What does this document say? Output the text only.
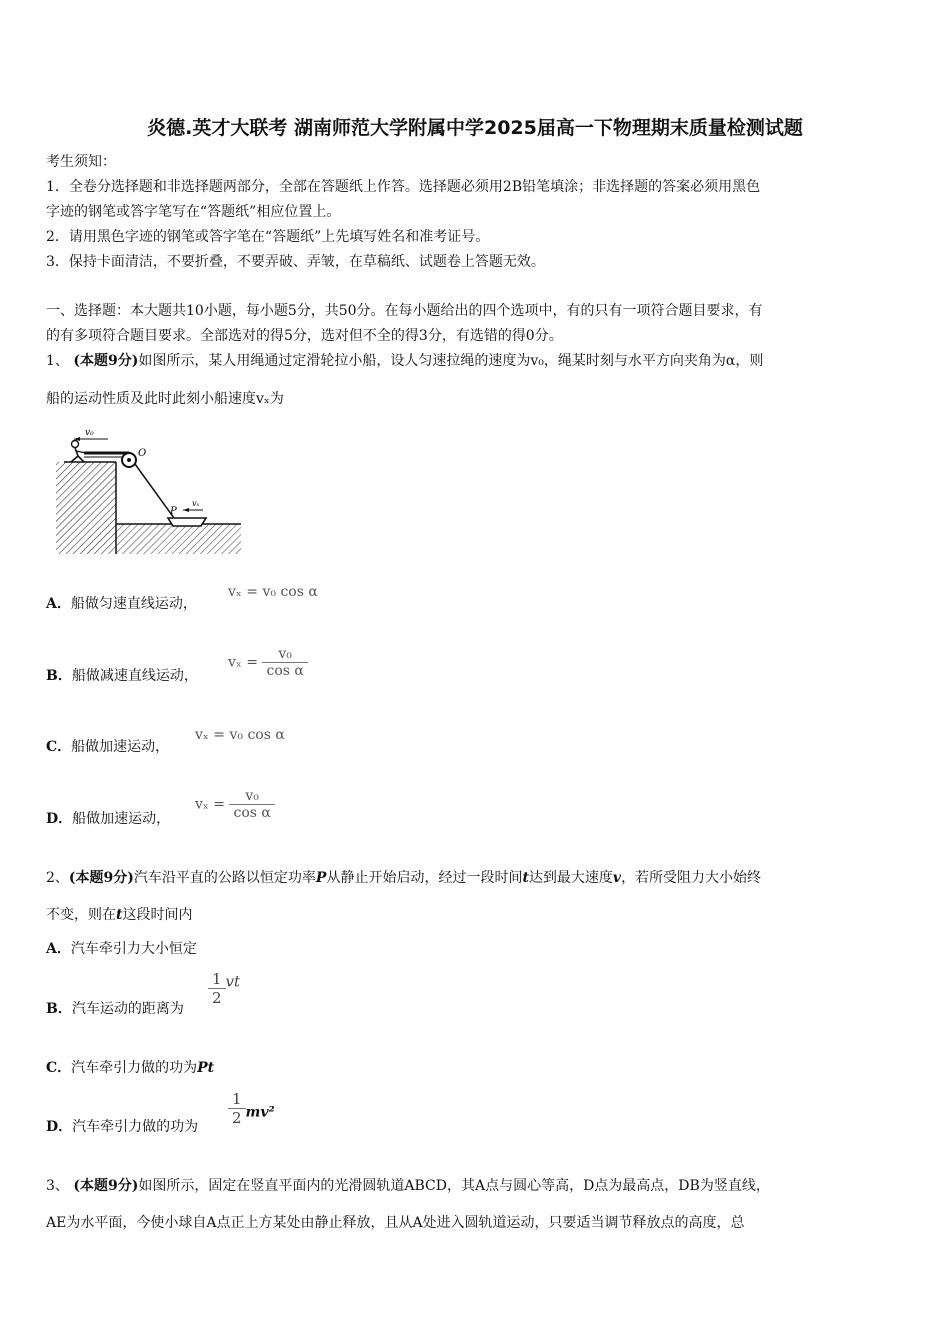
炎德.英才大联考 湖南师范大学附属中学2025届高一下物理期末质量检测试题
考生须知：
1．全卷分选择题和非选择题两部分，全部在答题纸上作答。选择题必须用2B铅笔填涂；非选择题的答案必须用黑色
字迹的钢笔或答字笔写在“答题纸”相应位置上。
2．请用黑色字迹的钢笔或答字笔在“答题纸”上先填写姓名和准考证号。
3．保持卡面清洁，不要折叠，不要弄破、弄皱，在草稿纸、试题卷上答题无效。
一、选择题：本大题共10小题，每小题5分，共50分。在每小题给出的四个选项中，有的只有一项符合题目要求，有
的有多项符合题目要求。全部选对的得5分，选对但不全的得3分，有选错的得0分。
1、 (本题9分)如图所示，某人用绳通过定滑轮拉小船，设人匀速拉绳的速度为v₀，绳某时刻与水平方向夹角为α，则
船的运动性质及此时此刻小船速度vₓ为
v₀
O
P
vₓ
A．船做匀速直线运动，
vₓ = v₀ cos α
B．船做减速直线运动，
$v_x = \frac{\text{v₀}}{\text{cos α}}$
C．船做加速运动，
vₓ = v₀ cos α
D．船做加速运动，
$v_x = \frac{\text{v₀}}{\text{cos α}}$
2、(本题9分)汽车沿平直的公路以恒定功率P从静止开始启动，经过一段时间t达到最大速度v，若所受阻力大小始终
不变，则在t这段时间内
A．汽车牵引力大小恒定
B．汽车运动的距离为
$\frac{1}{2}$ vt
C．汽车牵引力做的功为Pt
D．汽车牵引力做的功为 $\frac{1}{2} mv^2$
3、 (本题9分)如图所示，固定在竖直平面内的光滑圆轨道ABCD，其A点与圆心等高，D点为最高点，DB为竖直线，
AE为水平面，今使小球自A点正上方某处由静止释放，且从A处进入圆轨道运动，只要适当调节释放点的高度，总
